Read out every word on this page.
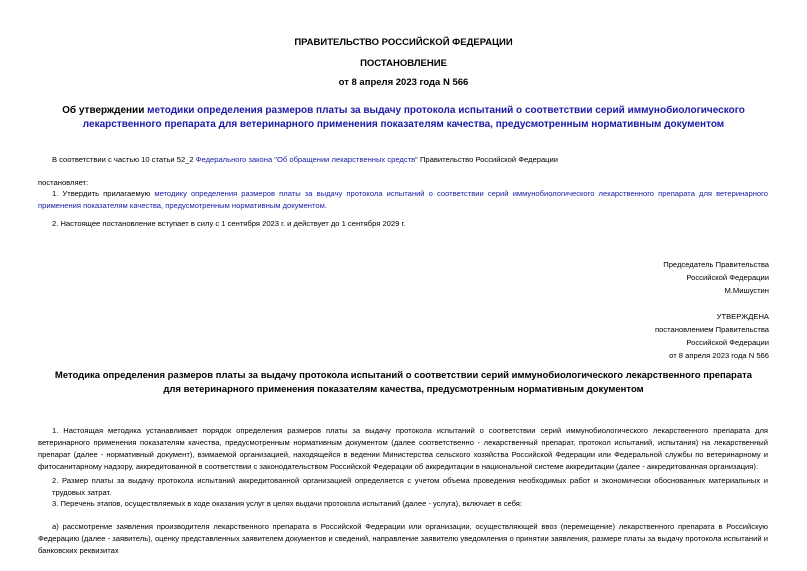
ПРАВИТЕЛЬСТВО РОССИЙСКОЙ ФЕДЕРАЦИИ
ПОСТАНОВЛЕНИЕ
от 8 апреля 2023 года N 566
Об утверждении методики определения размеров платы за выдачу протокола испытаний о соответствии серий иммунобиологического лекарственного препарата для ветеринарного применения показателям качества, предусмотренным нормативным документом
В соответствии с частью 10 статьи 52_2 Федерального закона "Об обращении лекарственных средств" Правительство Российской Федерации
постановляет:
1. Утвердить прилагаемую методику определения размеров платы за выдачу протокола испытаний о соответствии серий иммунобиологического лекарственного препарата для ветеринарного применения показателям качества, предусмотренным нормативным документом.
2. Настоящее постановление вступает в силу с 1 сентября 2023 г. и действует до 1 сентября 2029 г.
Председатель Правительства
Российской Федерации
М.Мишустин
УТВЕРЖДЕНА
постановлением Правительства
Российской Федерации
от 8 апреля 2023 года N 566
Методика определения размеров платы за выдачу протокола испытаний о соответствии серий иммунобиологического лекарственного препарата для ветеринарного применения показателям качества, предусмотренным нормативным документом
1. Настоящая методика устанавливает порядок определения размеров платы за выдачу протокола испытаний о соответствии серий иммунобиологического лекарственного препарата для ветеринарного применения показателям качества, предусмотренным нормативным документом (далее соответственно - лекарственный препарат, протокол испытаний, испытания) на лекарственный препарат (далее - нормативный документ), взимаемой организацией, находящейся в ведении Министерства сельского хозяйства Российской Федерации или Федеральной службы по ветеринарному и фитосанитарному надзору, аккредитованной в соответствии с законодательством Российской Федерации об аккредитации в национальной системе аккредитации (далее - аккредитованная организация).
2. Размер платы за выдачу протокола испытаний аккредитованной организацией определяется с учетом объема проведения необходимых работ и экономически обоснованных материальных и трудовых затрат.
3. Перечень этапов, осуществляемых в ходе оказания услуг в целях выдачи протокола испытаний (далее - услуга), включает в себя:
а) рассмотрение заявления производителя лекарственного препарата в Российской Федерации или организации, осуществляющей ввоз (перемещение) лекарственного препарата в Российскую Федерацию (далее - заявитель), оценку представленных заявителем документов и сведений, направление заявителю уведомления о принятии заявления, размере платы за выдачу протокола испытаний и банковских реквизитах
